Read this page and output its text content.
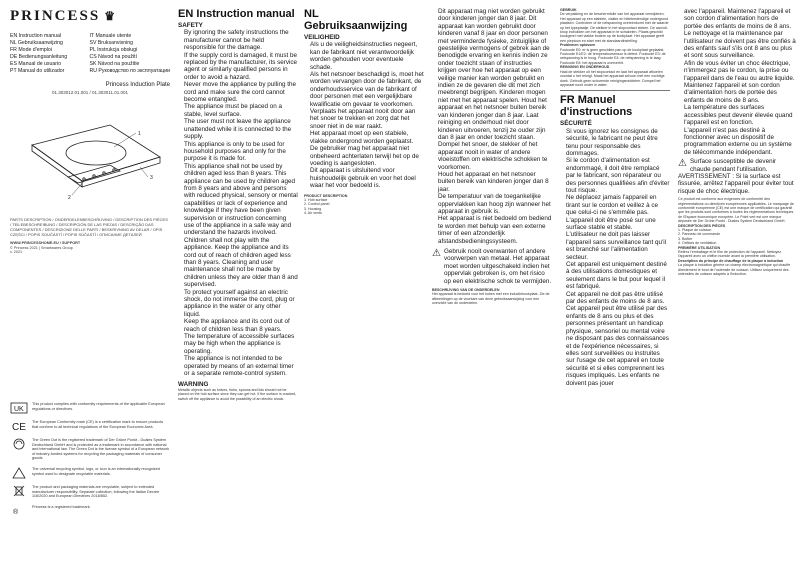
PRINCESS ♛
EN Instruction manual	IT Manuale utente
NL Gebruiksaanwijzing	SV Bruksanvisning
FR Mode d'emploi	PL Instrukcja obsługi
DE Bedienungsanleitung	CS Návod na použití
ES Manual de usuario	SK Návod na použitie
PT Manual do utilizador	RU Руководство по эксплуатации
Princess Induction Plate
01.303012.01.001 / 01.303011.01.001
1
2
3
PARTS DESCRIPTION / ONDERDELENBESCHRIJVING / DESCRIPTION DES PIÈCES / TEILEBESCHREIBUNG / DESCRIPCIÓN DE LAS PIEZAS / DESCRIÇÃO DAS COMPONENTES / DESCRIZIONE DELLE PARTI / BESKRIVNING AV DELAR / OPIS CZĘŚCI / POPIS SOUČÁSTÍ / POPIS SÚČASTÍ / ОПИСАНИЕ ДЕТАЛЕЙ
WWW.PRINCESSHOME.EU / SUPPORT
© Princess 2021 | Smartwares Group
v. 2021
UK

This product complies with conformity requirements of the applicable European regulations or directives.

CE The European Conformity mark (CE) is a certification mark to ensure products that conform to all technical regulations of the European Economic Area.

The Green Dot is the registered trademark of Der Grüne Punkt - Duales System Deutschland GmbH and is protected as a trademark in accordance with national and international law. The Green Dot is the license symbol of a European network of industry-funded systems for recycling the packaging materials of consumer goods.

The universal recycling symbol, logo, or icon is an internationally recognized symbol used to designate recyclable materials.

The product and packaging materials are recyclable, subject to extended manufacturer responsibility. Separate collection; following the Italian Decree 116/2020 and European Directives 2018/852.

®

Princess is a registered trademark.

EN Instruction manual
SAFETY
• By ignoring the safety instructions the manufacturer cannot be held responsible for the damage.
• If the supply cord is damaged, it must be replaced by the manufacturer, its service agent or similarly qualified persons in order to avoid a hazard.
• Never move the appliance by pulling the cord and make sure the cord cannot become entangled.
• The appliance must be placed on a stable, level surface.
• The user must not leave the appliance unattended while it is connected to the supply.
• This appliance is only to be used for household purposes and only for the purpose it is made for.
• This appliance shall not be used by children aged less than 8 years. This appliance can be used by children aged from 8 years and above and persons with reduced physical, sensory or mental capabilities or lack of experience and knowledge if they have been given supervision or instruction concerning use of the appliance in a safe way and understand the hazards involved. Children shall not play with the appliance. Keep the appliance and its cord out of reach of children aged less than 8 years. Cleaning and user maintenance shall not be made by children unless they are older than 8 and supervised.
• To protect yourself against an electric shock, do not immerse the cord, plug or appliance in the water or any other liquid.
• Keep the appliance and its cord out of reach of children less than 8 years.
• The temperature of accessible surfaces may be high when the appliance is operating.
• The appliance is not intended to be operated by means of an external timer or a separate remote-control system.
WARNING

Metallic objects such as knives, forks, spoons and lids should not be placed on the hob surface since they can get hot. If the surface is cracked, switch off the appliance to avoid the possibility of an electric shock.

NL Gebruiksaanwijzing
VEILIGHEID
• Als u de veiligheidsinstructies negeert, kan de fabrikant niet verantwoordelijk worden gehouden voor eventuele schade.
• Als het netsnoer beschadigd is, moet het worden vervangen door de fabrikant, de onderhoudsservice van de fabrikant of door personen met een vergelijkbare kwalificatie om gevaar te voorkomen.
• Verplaats het apparaat nooit door aan het snoer te trekken en zorg dat het snoer niet in de war raakt.
• Het apparaat moet op een stabiele, vlakke ondergrond worden geplaatst.
• De gebruiker mag het apparaat niet onbeheerd achterlaten terwijl het op de voeding is aangesloten.
• Dit apparaat is uitsluitend voor huishoudelijk gebruik en voor het doel waar het voor bedoeld is.
PRODUCT DESCRIPTION
1. Hob surface
2. Control panel
3. Housing
4. Air vents
• Dit apparaat mag niet worden gebruikt door kinderen jonger dan 8 jaar. Dit apparaat kan worden gebruikt door kinderen vanaf 8 jaar en door personen met verminderde fysieke, zintuiglijke of geestelijke vermogens of gebrek aan de benodigde ervaring en kennis indien ze onder toezicht staan of instructies krijgen over hoe het apparaat op een veilige manier kan worden gebruikt en indien ze de gevaren die dit met zich meebrengt begrijpen. Kinderen mogen niet met het apparaat spelen. Houd het apparaat en het netsnoer buiten bereik van kinderen jonger dan 8 jaar. Laat reiniging en onderhoud niet door kinderen uitvoeren, tenzij ze ouder zijn dan 8 jaar en onder toezicht staan.
• Dompel het snoer, de stekker of het apparaat nooit in water of andere vloeistoffen om elektrische schokken te voorkomen.
• Houd het apparaat en het netsnoer buiten bereik van kinderen jonger dan 8 jaar.
• De temperatuur van de toegankelijke oppervlakken kan hoog zijn wanneer het apparaat in gebruik is.
• Het apparaat is niet bedoeld om bediend te worden met behulp van een externe timer of een afzonderlijk afstandsbedieningssysteem.
⚠ Gebruik nooit ovenwanten of andere voorwerpen van metaal. Het apparaat moet worden uitgeschakeld indien het oppervlak gebroken is, om het risico op een elektrische schok te vermijden.

BESCHRIJVING VAN DE ONDERDELEN

Het apparaat is bedoeld voor het koken met een inductiekookplaat. Zie de afbeeldingen op de voorkant van deze gebruiksaanwijzing voor een overzicht van de onderdelen.

GEBRUIK

De verpakking en de beschermfolie van het apparaat verwijderen. Het apparaat op een stabiele, vlakke en hittebestendige ondergrond plaatsen. Controleer of de netspanning overeenkomt met de waarde op het typeplaatje. De stekker in het stopcontact steken. De aan/uit-knop indrukken om het apparaat in te schakelen. Plaats geschikt kookgerei met vlakke bodem op de kookplaat. Het apparaat geeft een pieptoon en start met de standaardinstelling.

Problemen oplossen

Foutcode E0: er is geen geschikte pan op de kookplaat geplaatst. Foutcode E1/E2: de temperatuursensor is defect. Foutcode E3: de netspanning is te hoog. Foutcode E4: de netspanning is te laag. Foutcode E5: het apparaat is oververhit.

REINIGING EN ONDERHOUD

Haal de stekker uit het stopcontact en laat het apparaat afkoelen voordat u het reinigt. Maak het apparaat schoon met een vochtige doek. Gebruik geen schurende reinigingsmiddelen. Dompel het apparaat nooit onder in water.

FR Manuel d'instructions
SÉCURITÉ
• Si vous ignorez les consignes de sécurité, le fabricant ne peut être tenu pour responsable des dommages.
• Si le cordon d'alimentation est endommagé, il doit être remplacé par le fabricant, son réparateur ou des personnes qualifiées afin d'éviter tout risque.
• Ne déplacez jamais l'appareil en tirant sur le cordon et veillez à ce que celui-ci ne s'emmêle pas.
• L'appareil doit être posé sur une surface stable et stable.
• L'utilisateur ne doit pas laisser l'appareil sans surveillance tant qu'il est branché sur l'alimentation secteur.
• Cet appareil est uniquement destiné à des utilisations domestiques et seulement dans le but pour lequel il est fabriqué.
• Cet appareil ne doit pas être utilisé par des enfants de moins de 8 ans. Cet appareil peut être utilisé par des enfants de 8 ans ou plus et des personnes présentant un handicap physique, sensoriel ou mental voire ne disposant pas des connaissances et de l'expérience nécessaires, si elles sont surveillées ou instruites sur l'usage de cet appareil en toute sécurité et si elles comprennent les risques impliqués. Les enfants ne doivent pas jouer
• avec l'appareil. Maintenez l'appareil et son cordon d'alimentation hors de portée des enfants de moins de 8 ans. Le nettoyage et la maintenance par l'utilisateur ne doivent pas être confiés à des enfants sauf s'ils ont 8 ans ou plus et sont sous surveillance.
• Afin de vous éviter un choc électrique, n'immergez pas le cordon, la prise ou l'appareil dans de l'eau ou autre liquide.
• Maintenez l'appareil et son cordon d'alimentation hors de portée des enfants de moins de 8 ans.
• La température des surfaces accessibles peut devenir élevée quand l'appareil est en fonction.
• L'appareil n'est pas destiné à fonctionner avec un dispositif de programmation externe ou un système de télécommande indépendant.
⚠ Surface susceptible de devenir chaude pendant l'utilisation.

AVERTISSEMENT : Si la surface est fissurée, arrêtez l'appareil pour éviter tout risque de choc électrique.

Ce produit est conforme aux exigences de conformité des réglementations ou directives européennes applicables. Le marquage de conformité européenne (CE) est une marque de certification qui garantit que les produits sont conformes à toutes les réglementations techniques de l'Espace économique européen. Le Point vert est une marque déposée de Der Grüne Punkt - Duales System Deutschland GmbH.

DESCRIPTION DES PIÈCES
1. Plaque de cuisson
2. Panneau de commande
3. Boîtier
4. Orifices de ventilation
PREMIÈRE UTILISATION

Retirez l'emballage et le film de protection de l'appareil. Nettoyez l'appareil avec un chiffon humide avant la première utilisation.

Description du principe de chauffage de la plaque à induction

La plaque à induction génère un champ électromagnétique qui chauffe directement le fond de l'ustensile de cuisson. Utilisez uniquement des ustensiles de cuisson adaptés à l'induction.
